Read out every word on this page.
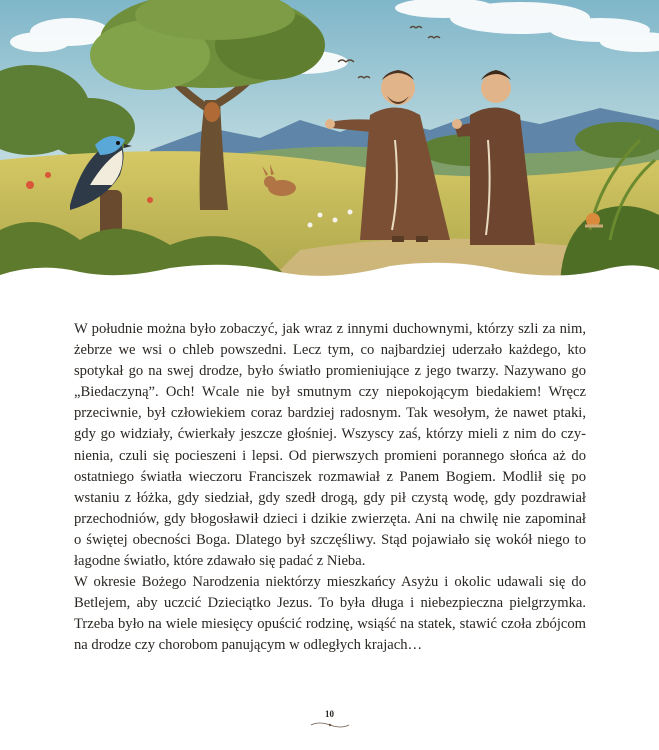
W południe można było zobaczyć, jak wraz z innymi duchownymi, którzy szli za nim, żebrze we wsi o chleb powszedni. Lecz tym, co najbardziej uderzało każdego, kto spotykał go na swej drodze, było światło promieniujące z jego twarzy. Nazywano go „Biedaczyną”. Och! Wcale nie był smutnym czy niepokojącym biedakiem! Wręcz przeciwnie, był człowiekiem coraz bardziej radosnym. Tak wesołym, że nawet ptaki, gdy go widziały, ćwierkały jeszcze głośniej. Wszyscy zaś, którzy mieli z nim do czynienia, czuli się pocieszeni i lepsi. Od pierwszych promieni porannego słońca aż do ostatniego światła wieczoru Franciszek rozmawiał z Panem Bogiem. Modlił się po wstaniu z łóżka, gdy siedział, gdy szedł drogą, gdy pił czystą wodę, gdy pozdrawiał przechodniów, gdy błogosławił dzieci i dzikie zwierzęta. Ani na chwilę nie zapominał o świętej obecności Boga. Dlatego był szczęśliwy. Stąd pojawiało się wokół niego to łagodne światło, które zdawało się padać z Nieba.

W okresie Bożego Narodzenia niektórzy mieszkańcy Asyżu i okolic udawali się do Betlejem, aby uczcić Dzieciątko Jezus. To była długa i niebezpieczna pielgrzymka. Trzeba było na wiele miesięcy opuścić rodzinę, wsiąść na statek, stawić czoła zbójcom na drodze czy chorobom panującym w odległych krajach…

10
